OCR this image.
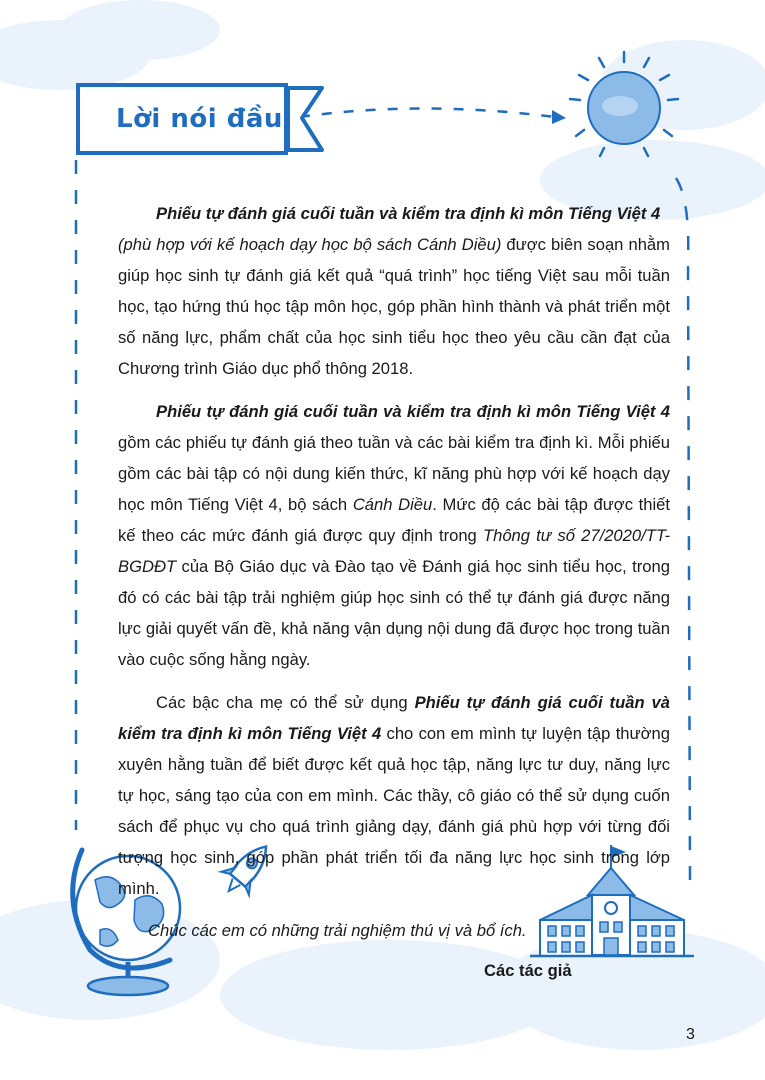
Lời nói đầu

Phiếu tự đánh giá cuối tuần và kiểm tra định kì môn Tiếng Việt 4
(phù hợp với kế hoạch dạy học bộ sách Cánh Diều) được biên soạn nhằm giúp học sinh tự đánh giá kết quả “quá trình” học tiếng Việt sau mỗi tuần học, tạo hứng thú học tập môn học, góp phần hình thành và phát triển một số năng lực, phẩm chất của học sinh tiểu học theo yêu cầu cần đạt của Chương trình Giáo dục phổ thông 2018.

Phiếu tự đánh giá cuối tuần và kiểm tra định kì môn Tiếng Việt 4 gồm các phiếu tự đánh giá theo tuần và các bài kiểm tra định kì. Mỗi phiếu gồm các bài tập có nội dung kiến thức, kĩ năng phù hợp với kế hoạch dạy học môn Tiếng Việt 4, bộ sách Cánh Diều. Mức độ các bài tập được thiết kế theo các mức đánh giá được quy định trong Thông tư số 27/2020/TT-BGDĐT của Bộ Giáo dục và Đào tạo về Đánh giá học sinh tiểu học, trong đó có các bài tập trải nghiệm giúp học sinh có thể tự đánh giá được năng lực giải quyết vấn đề, khả năng vận dụng nội dung đã được học trong tuần vào cuộc sống hằng ngày.

Các bậc cha mẹ có thể sử dụng Phiếu tự đánh giá cuối tuần và kiểm tra định kì môn Tiếng Việt 4 cho con em mình tự luyện tập thường xuyên hằng tuần để biết được kết quả học tập, năng lực tư duy, năng lực tự học, sáng tạo của con em mình. Các thầy, cô giáo có thể sử dụng cuốn sách để phục vụ cho quá trình giảng dạy, đánh giá phù hợp với từng đối tượng học sinh, góp phần phát triển tối đa năng lực học sinh trong lớp mình.

Chúc các em có những trải nghiệm thú vị và bổ ích.
Các tác giả
3
